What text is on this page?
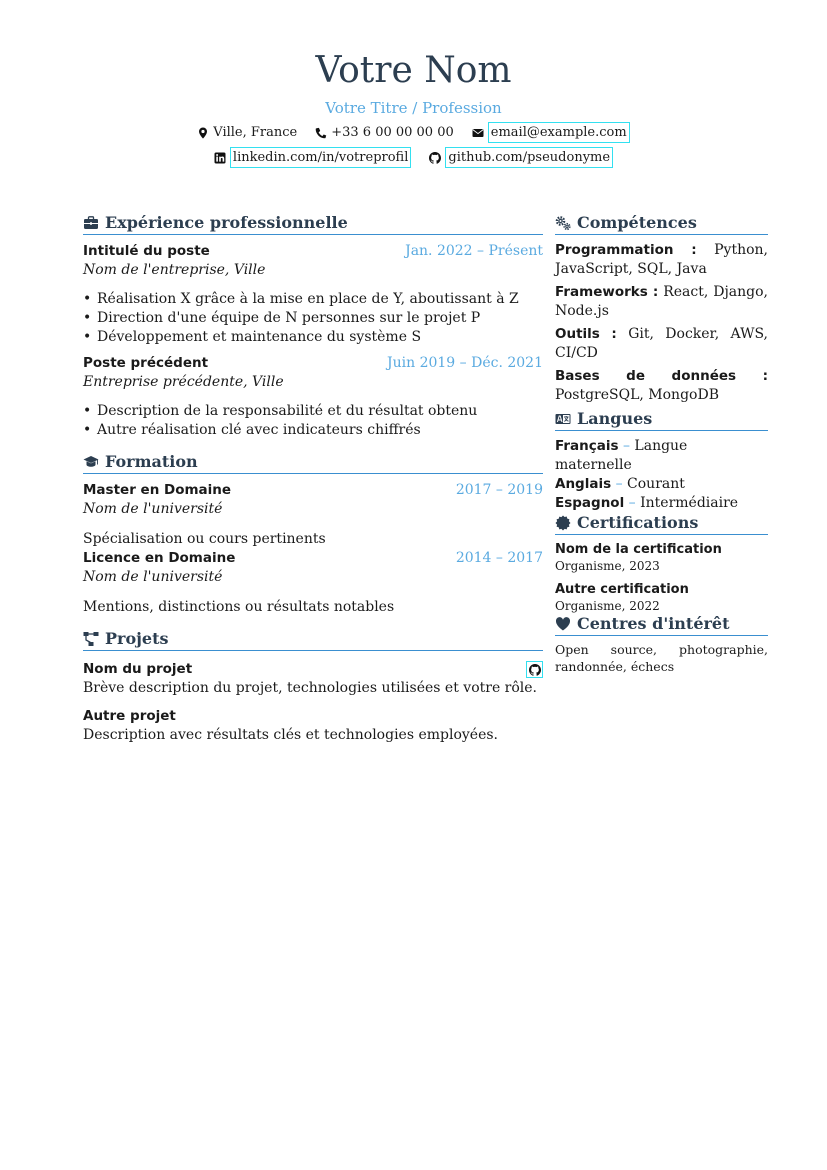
Votre Nom
Votre Titre / Profession
Ville, France	+33 6 00 00 00 00	email@example.com
linkedin.com/in/votreprofil	github.com/pseudonyme
Expérience professionnelle
Intitulé du poste	Jan. 2022 – Présent
Nom de l'entreprise, Ville
• Réalisation X grâce à la mise en place de Y, aboutissant à Z
• Direction d'une équipe de N personnes sur le projet P
• Développement et maintenance du système S
Poste précédent	Juin 2019 – Déc. 2021
Entreprise précédente, Ville
• Description de la responsabilité et du résultat obtenu
• Autre réalisation clé avec indicateurs chiffrés
Formation
Master en Domaine	2017 – 2019
Nom de l'université
Spécialisation ou cours pertinents
Licence en Domaine	2014 – 2017
Nom de l'université
Mentions, distinctions ou résultats notables
Projets
Nom du projet
Brève description du projet, technologies utilisées et votre rôle.
Autre projet
Description avec résultats clés et technologies employées.
Compétences
Programmation : Python, JavaScript, SQL, Java
Frameworks : React, Django, Node.js
Outils : Git, Docker, AWS, CI/CD
Bases de données : PostgreSQL, MongoDB
Langues
Français – Langue maternelle
Anglais – Courant
Espagnol – Intermédiaire
Certifications
Nom de la certification
Organisme, 2023
Autre certification
Organisme, 2022
Centres d'intérêt
Open source, photographie, randonnée, échecs
